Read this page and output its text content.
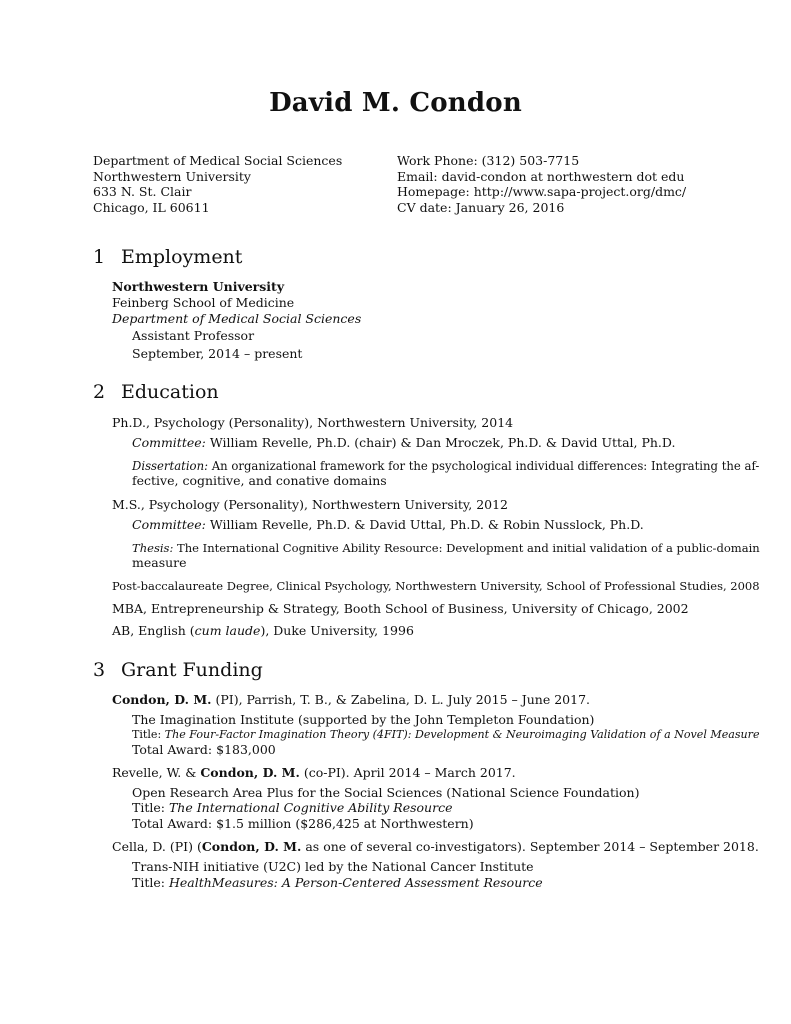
David M. Condon
Department of Medical Social Sciences
Northwestern University
633 N. St. Clair
Chicago, IL 60611
Work Phone: (312) 503-7715
Email: david-condon at northwestern dot edu
Homepage: http://www.sapa-project.org/dmc/
CV date: January 26, 2016
1 Employment
Northwestern University
Feinberg School of Medicine
Department of Medical Social Sciences
Assistant Professor
September, 2014 – present
2 Education
Ph.D., Psychology (Personality), Northwestern University, 2014
Committee: William Revelle, Ph.D. (chair) & Dan Mroczek, Ph.D. & David Uttal, Ph.D.
Dissertation: An organizational framework for the psychological individual differences: Integrating the af-
fective, cognitive, and conative domains
M.S., Psychology (Personality), Northwestern University, 2012
Committee: William Revelle, Ph.D. & David Uttal, Ph.D. & Robin Nusslock, Ph.D.
Thesis: The International Cognitive Ability Resource: Development and initial validation of a public-domain
measure
Post-baccalaureate Degree, Clinical Psychology, Northwestern University, School of Professional Studies, 2008
MBA, Entrepreneurship & Strategy, Booth School of Business, University of Chicago, 2002
AB, English (cum laude), Duke University, 1996
3 Grant Funding
Condon, D. M. (PI), Parrish, T. B., & Zabelina, D. L. July 2015 – June 2017.
The Imagination Institute (supported by the John Templeton Foundation)
Title: The Four-Factor Imagination Theory (4FIT): Development & Neuroimaging Validation of a Novel Measure
Total Award: $183,000
Revelle, W. & Condon, D. M. (co-PI). April 2014 – March 2017.
Open Research Area Plus for the Social Sciences (National Science Foundation)
Title: The International Cognitive Ability Resource
Total Award: $1.5 million ($286,425 at Northwestern)
Cella, D. (PI) (Condon, D. M. as one of several co-investigators). September 2014 – September 2018.
Trans-NIH initiative (U2C) led by the National Cancer Institute
Title: HealthMeasures: A Person-Centered Assessment Resource
